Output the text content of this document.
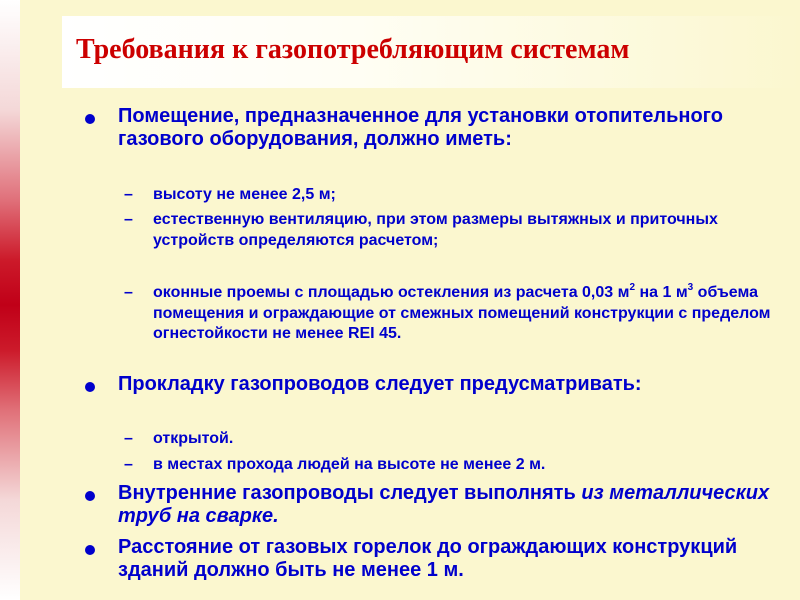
Требования к газопотребляющим системам
Помещение, предназначенное для установки отопительного газового оборудования, должно иметь:
– высоту не менее 2,5 м;
– естественную вентиляцию, при этом размеры вытяжных и приточных устройств определяются расчетом;
– оконные проемы с площадью остекления из расчета 0,03 $м^2$ на 1 $м^3$ объема помещения и ограждающие от смежных помещений конструкции с пределом огнестойкости не менее REI 45.
Прокладку газопроводов следует предусматривать:
– открытой.
– в местах прохода людей на высоте не менее 2 м.
Внутренние газопроводы следует выполнять из металлических труб на сварке.
Расстояние от газовых горелок до ограждающих конструкций зданий должно быть не менее 1 м.
